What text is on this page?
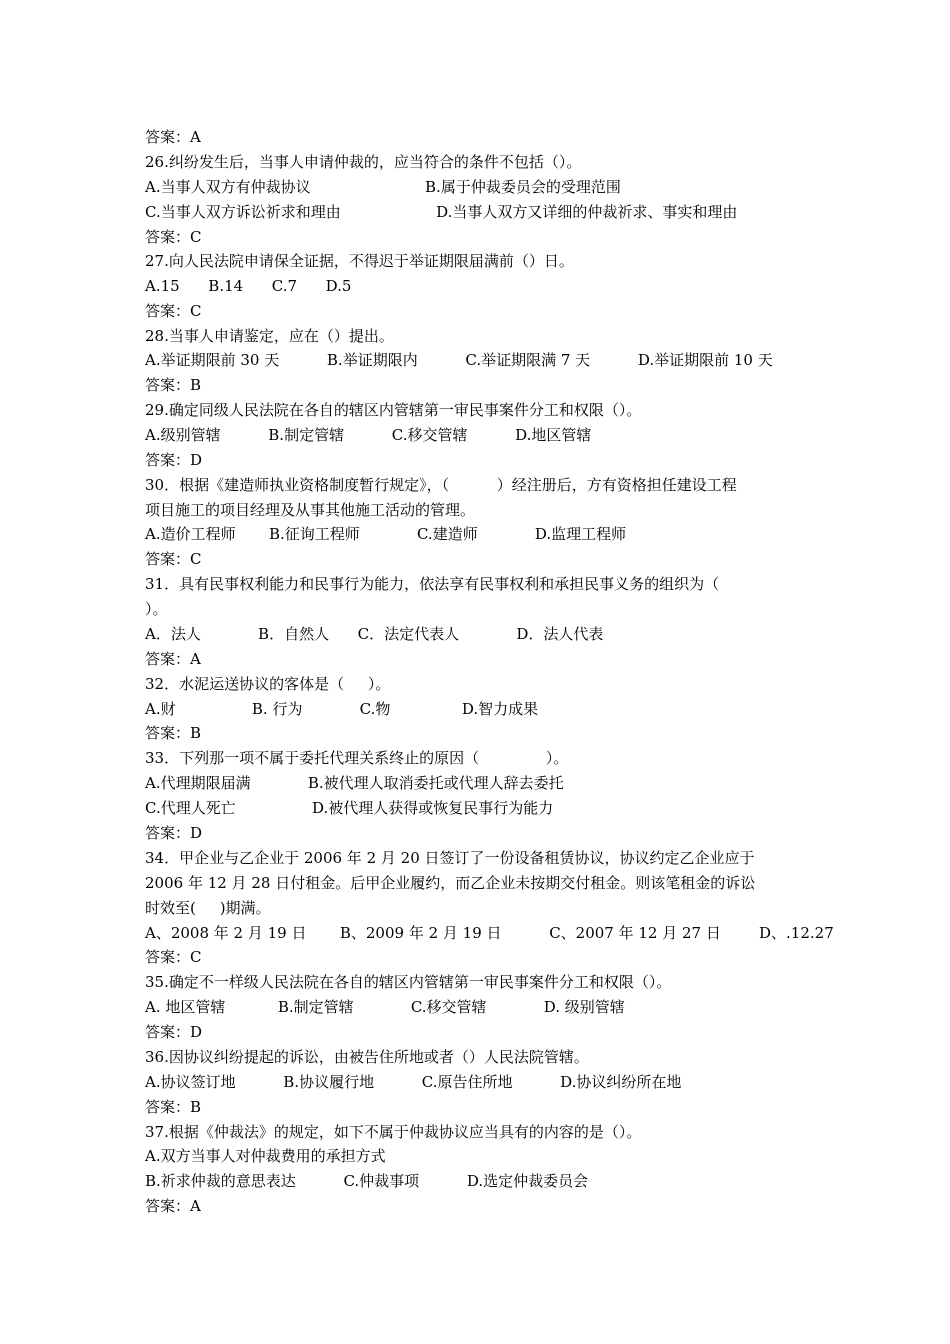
答案：A
26.纠纷发生后，当事人申请仲裁的，应当符合的条件不包括（）。
A.当事人双方有仲裁协议                        B.属于仲裁委员会的受理范围
C.当事人双方诉讼祈求和理由                    D.当事人双方又详细的仲裁祈求、事实和理由
答案：C
27.向人民法院申请保全证据，不得迟于举证期限届满前（）日。
A.15      B.14      C.7      D.5
答案：C
28.当事人申请鉴定，应在（）提出。
A.举证期限前 30 天          B.举证期限内          C.举证期限满 7 天          D.举证期限前 10 天
答案：B
29.确定同级人民法院在各自的辖区内管辖第一审民事案件分工和权限（）。
A.级别管辖          B.制定管辖          C.移交管辖          D.地区管辖
答案：D
30．根据《建造师执业资格制度暂行规定》，（          ）经注册后，方有资格担任建设工程
项目施工的项目经理及从事其他施工活动的管理。
A.造价工程师       B.征询工程师            C.建造师            D.监理工程师
答案：C
31．具有民事权利能力和民事行为能力，依法享有民事权利和承担民事义务的组织为（
）。
A．法人            B．自然人      C．法定代表人            D．法人代表
答案：A
32．水泥运送协议的客体是（     ）。
A.财                B. 行为            C.物               D.智力成果
答案：B
33．下列那一项不属于委托代理关系终止的原因（              ）。
A.代理期限届满            B.被代理人取消委托或代理人辞去委托
C.代理人死亡                D.被代理人获得或恢复民事行为能力
答案：D
34．甲企业与乙企业于 2006 年 2 月 20 日签订了一份设备租赁协议，协议约定乙企业应于
2006 年 12 月 28 日付租金。后甲企业履约，而乙企业未按期交付租金。则该笔租金的诉讼
时效至(     )期满。
A、2008 年 2 月 19 日       B、2009 年 2 月 19 日          C、2007 年 12 月 27 日        D、.12.27
答案：C
35.确定不一样级人民法院在各自的辖区内管辖第一审民事案件分工和权限（）。
A. 地区管辖           B.制定管辖            C.移交管辖            D. 级别管辖
答案：D
36.因协议纠纷提起的诉讼，由被告住所地或者（）人民法院管辖。
A.协议签订地          B.协议履行地          C.原告住所地          D.协议纠纷所在地
答案：B
37.根据《仲裁法》的规定，如下不属于仲裁协议应当具有的内容的是（）。
A.双方当事人对仲裁费用的承担方式
B.祈求仲裁的意思表达          C.仲裁事项          D.选定仲裁委员会
答案：A
